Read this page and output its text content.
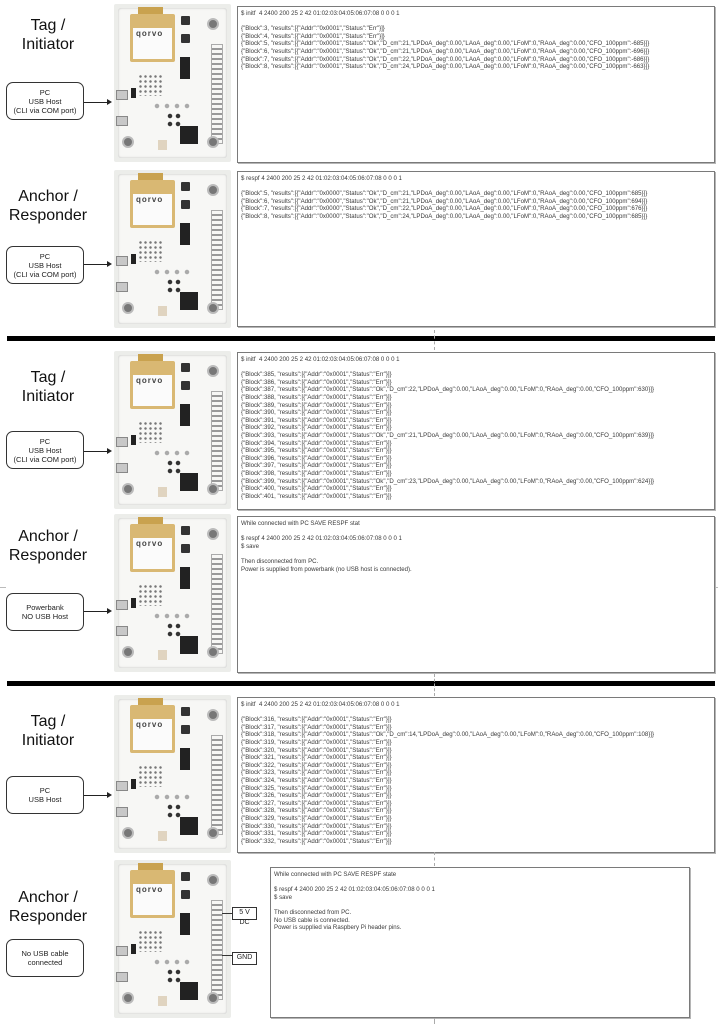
Tag /
Initiator
PC
USB Host
(CLI via COM port)
qorvo
$ initf  4 2400 200 25 2 42 01:02:03:04:05:06:07:08 0 0 0 1
{"Block":3, "results":[{"Addr":"0x0001","Status":"Err"}]}
{"Block":4, "results":[{"Addr":"0x0001","Status":"Err"}]}
{"Block":5, "results":[{"Addr":"0x0001","Status":"Ok","D_cm":21,"LPDoA_deg":0.00,"LAoA_deg":0.00,"LFoM":0,"RAoA_deg":0.00,"CFO_100ppm":-685}]}
{"Block":6, "results":[{"Addr":"0x0001","Status":"Ok","D_cm":21,"LPDoA_deg":0.00,"LAoA_deg":0.00,"LFoM":0,"RAoA_deg":0.00,"CFO_100ppm":-696}]}
{"Block":7, "results":[{"Addr":"0x0001","Status":"Ok","D_cm":22,"LPDoA_deg":0.00,"LAoA_deg":0.00,"LFoM":0,"RAoA_deg":0.00,"CFO_100ppm":-686}]}
{"Block":8, "results":[{"Addr":"0x0001","Status":"Ok","D_cm":24,"LPDoA_deg":0.00,"LAoA_deg":0.00,"LFoM":0,"RAoA_deg":0.00,"CFO_100ppm":-663}]}
Anchor /
Responder
PC
USB Host
(CLI via COM port)
qorvo
$ respf 4 2400 200 25 2 42 01:02:03:04:05:06:07:08 0 0 0 1
{"Block":5, "results":[{"Addr":"0x0000","Status":"Ok","D_cm":21,"LPDoA_deg":0.00,"LAoA_deg":0.00,"LFoM":0,"RAoA_deg":0.00,"CFO_100ppm":685}]}
{"Block":6, "results":[{"Addr":"0x0000","Status":"Ok","D_cm":21,"LPDoA_deg":0.00,"LAoA_deg":0.00,"LFoM":0,"RAoA_deg":0.00,"CFO_100ppm":694}]}
{"Block":7, "results":[{"Addr":"0x0000","Status":"Ok","D_cm":22,"LPDoA_deg":0.00,"LAoA_deg":0.00,"LFoM":0,"RAoA_deg":0.00,"CFO_100ppm":676}]}
{"Block":8, "results":[{"Addr":"0x0000","Status":"Ok","D_cm":24,"LPDoA_deg":0.00,"LAoA_deg":0.00,"LFoM":0,"RAoA_deg":0.00,"CFO_100ppm":685}]}
Tag /
Initiator
PC
USB Host
(CLI via COM port)
qorvo
$ initf  4 2400 200 25 2 42 01:02:03:04:05:06:07:08 0 0 0 1
{"Block":385, "results":[{"Addr":"0x0001","Status":"Err"}]}
{"Block":386, "results":[{"Addr":"0x0001","Status":"Err"}]}
{"Block":387, "results":[{"Addr":"0x0001","Status":"Ok","D_cm":22,"LPDoA_deg":0.00,"LAoA_deg":0.00,"LFoM":0,"RAoA_deg":0.00,"CFO_100ppm":630}]}
{"Block":388, "results":[{"Addr":"0x0001","Status":"Err"}]}
{"Block":389, "results":[{"Addr":"0x0001","Status":"Err"}]}
{"Block":390, "results":[{"Addr":"0x0001","Status":"Err"}]}
{"Block":391, "results":[{"Addr":"0x0001","Status":"Err"}]}
{"Block":392, "results":[{"Addr":"0x0001","Status":"Err"}]}
{"Block":393, "results":[{"Addr":"0x0001","Status":"Ok","D_cm":21,"LPDoA_deg":0.00,"LAoA_deg":0.00,"LFoM":0,"RAoA_deg":0.00,"CFO_100ppm":639}]}
{"Block":394, "results":[{"Addr":"0x0001","Status":"Err"}]}
{"Block":395, "results":[{"Addr":"0x0001","Status":"Err"}]}
{"Block":396, "results":[{"Addr":"0x0001","Status":"Err"}]}
{"Block":397, "results":[{"Addr":"0x0001","Status":"Err"}]}
{"Block":398, "results":[{"Addr":"0x0001","Status":"Err"}]}
{"Block":399, "results":[{"Addr":"0x0001","Status":"Ok","D_cm":23,"LPDoA_deg":0.00,"LAoA_deg":0.00,"LFoM":0,"RAoA_deg":0.00,"CFO_100ppm":624}]}
{"Block":400, "results":[{"Addr":"0x0001","Status":"Err"}]}
{"Block":401, "results":[{"Addr":"0x0001","Status":"Err"}]}
Anchor /
Responder
Powerbank
NO USB Host
qorvo
While connected with PC SAVE RESPF stat
$ respf 4 2400 200 25 2 42 01:02:03:04:05:06:07:08 0 0 0 1
$ save
Then disconnected from PC.
Power is supplied from powerbank (no USB host is connected).
Tag /
Initiator
PC
USB Host
qorvo
$ initf  4 2400 200 25 2 42 01:02:03:04:05:06:07:08 0 0 0 1
{"Block":316, "results":[{"Addr":"0x0001","Status":"Err"}]}
{"Block":317, "results":[{"Addr":"0x0001","Status":"Err"}]}
{"Block":318, "results":[{"Addr":"0x0001","Status":"Ok","D_cm":14,"LPDoA_deg":0.00,"LAoA_deg":0.00,"LFoM":0,"RAoA_deg":0.00,"CFO_100ppm":108}]}
{"Block":319, "results":[{"Addr":"0x0001","Status":"Err"}]}
{"Block":320, "results":[{"Addr":"0x0001","Status":"Err"}]}
{"Block":321, "results":[{"Addr":"0x0001","Status":"Err"}]}
{"Block":322, "results":[{"Addr":"0x0001","Status":"Err"}]}
{"Block":323, "results":[{"Addr":"0x0001","Status":"Err"}]}
{"Block":324, "results":[{"Addr":"0x0001","Status":"Err"}]}
{"Block":325, "results":[{"Addr":"0x0001","Status":"Err"}]}
{"Block":326, "results":[{"Addr":"0x0001","Status":"Err"}]}
{"Block":327, "results":[{"Addr":"0x0001","Status":"Err"}]}
{"Block":328, "results":[{"Addr":"0x0001","Status":"Err"}]}
{"Block":329, "results":[{"Addr":"0x0001","Status":"Err"}]}
{"Block":330, "results":[{"Addr":"0x0001","Status":"Err"}]}
{"Block":331, "results":[{"Addr":"0x0001","Status":"Err"}]}
{"Block":332, "results":[{"Addr":"0x0001","Status":"Err"}]}
Anchor /
Responder
No USB cable
connected
qorvo
5 V DC
GND
While connected with PC SAVE RESPF state
$ respf 4 2400 200 25 2 42 01:02:03:04:05:06:07:08 0 0 0 1
$ save
Then disconnected from PC.
No USB cable is connected.
Power is supplied via Raspbery Pi header pins.
